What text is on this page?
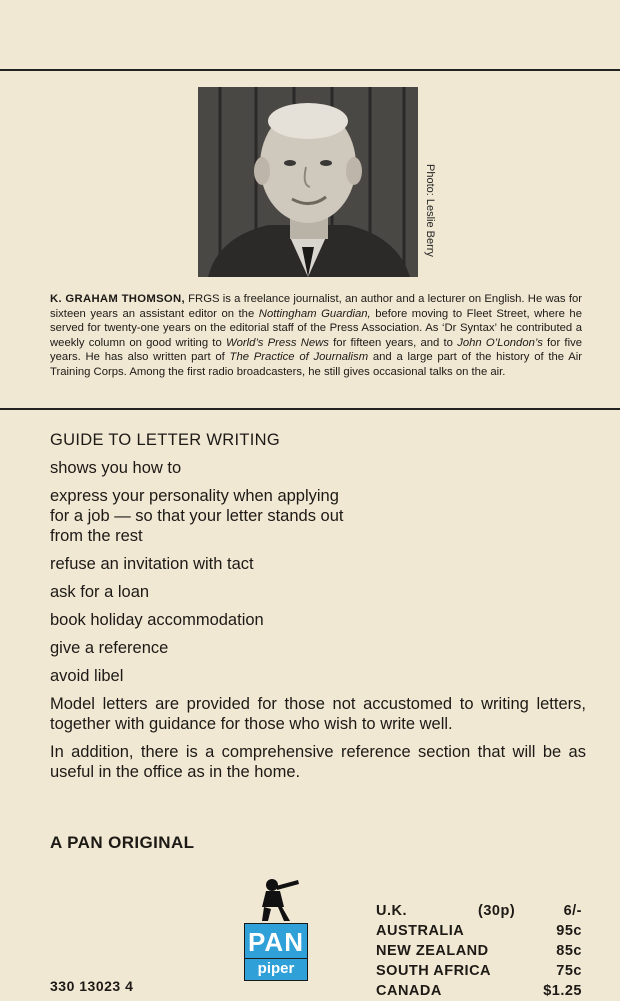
Photo: Leslie Berry
K. GRAHAM THOMSON, FRGS is a freelance journalist, an author and a lecturer on English. He was for sixteen years an assistant editor on the Nottingham Guardian, before moving to Fleet Street, where he served for twenty-one years on the editorial staff of the Press Association. As ‘Dr Syntax’ he contributed a weekly column on good writing to World’s Press News for fifteen years, and to John O’London’s for five years. He has also written part of The Practice of Journalism and a large part of the history of the Air Training Corps. Among the first radio broadcasters, he still gives occasional talks on the air.
GUIDE TO LETTER WRITING
shows you how to
express your personality when applying for a job — so that your letter stands out from the rest
refuse an invitation with tact
ask for a loan
book holiday accommodation
give a reference
avoid libel
Model letters are provided for those not accustomed to writing letters, together with guidance for those who wish to write well.
In addition, there is a comprehensive reference section that will be as useful in the office as in the home.
A PAN ORIGINAL
PAN
piper
330 13023 4
U.K.	(30p)	6/-
AUSTRALIA	95c
NEW ZEALAND	85c
SOUTH AFRICA	75c
CANADA	$1.25
